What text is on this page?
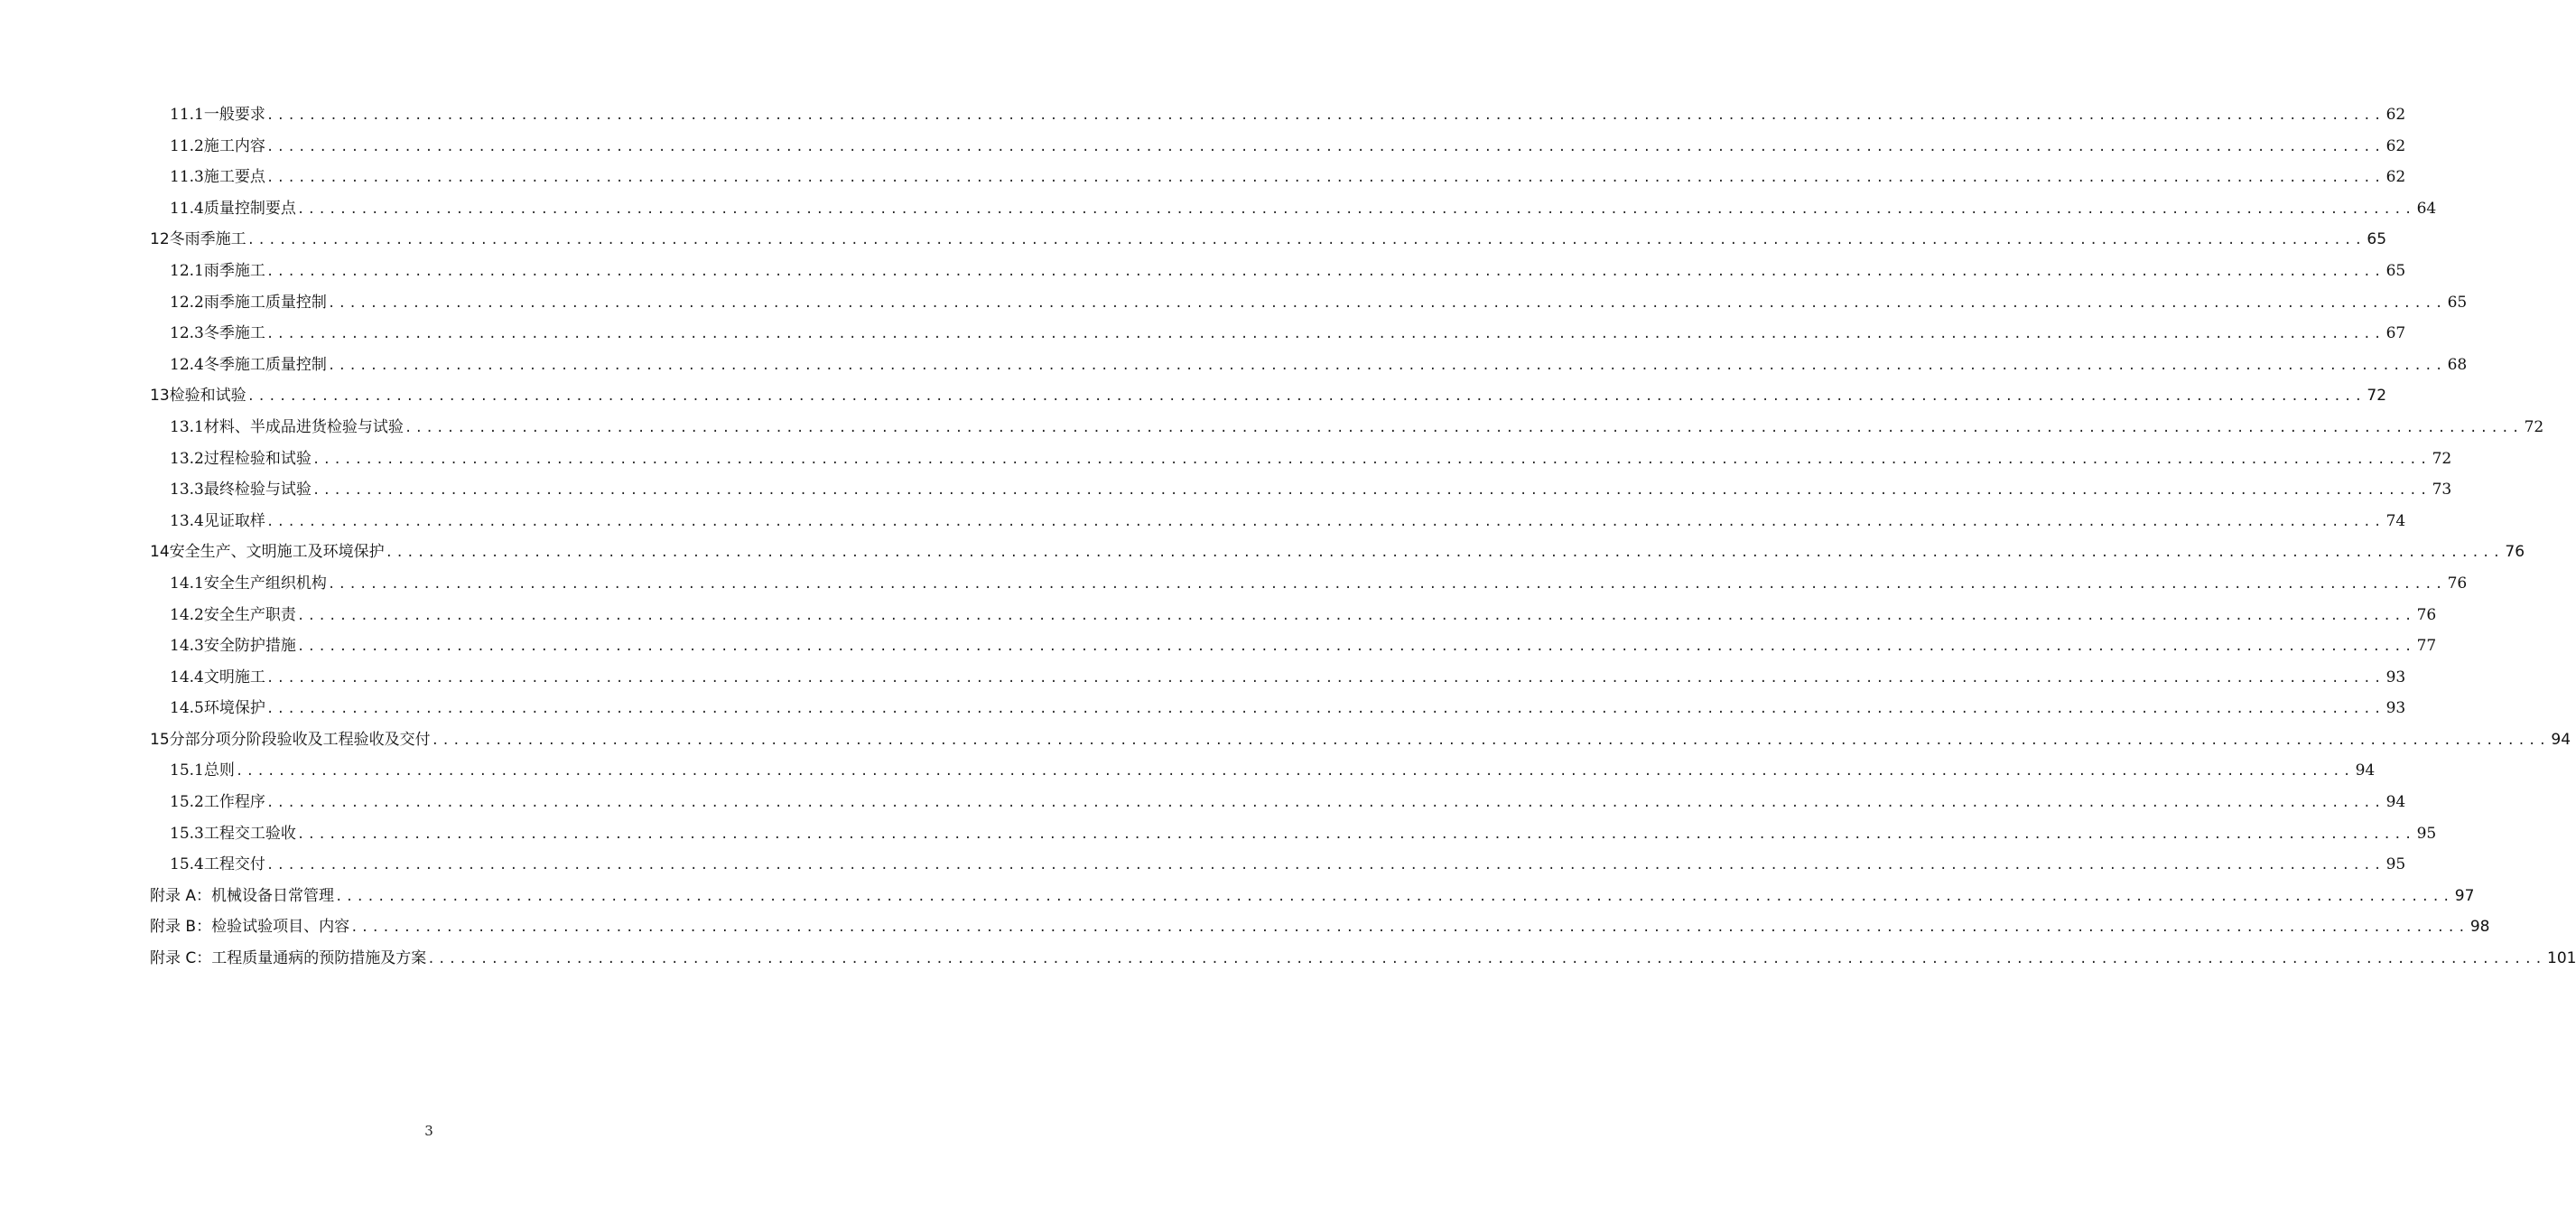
11.1 一般要求 ........................................................................................................................................................................................................ 62
11.2 施工内容 ........................................................................................................................................................................................................ 62
11.3 施工要点 ........................................................................................................................................................................................................ 62
11.4 质量控制要点 ........................................................................................................................................................................................................ 64
12 冬雨季施工 ........................................................................................................................................................................................................ 65
12.1 雨季施工 ........................................................................................................................................................................................................ 65
12.2 雨季施工质量控制 ........................................................................................................................................................................................................ 65
12.3 冬季施工 ........................................................................................................................................................................................................ 67
12.4 冬季施工质量控制 ........................................................................................................................................................................................................ 68
13 检验和试验 ........................................................................................................................................................................................................ 72
13.1 材料、半成品进货检验与试验 ........................................................................................................................................................................................................ 72
13.2 过程检验和试验 ........................................................................................................................................................................................................ 72
13.3 最终检验与试验 ........................................................................................................................................................................................................ 73
13.4 见证取样 ........................................................................................................................................................................................................ 74
14 安全生产、文明施工及环境保护 ........................................................................................................................................................................................................ 76
14.1 安全生产组织机构 ........................................................................................................................................................................................................ 76
14.2 安全生产职责 ........................................................................................................................................................................................................ 76
14.3 安全防护措施 ........................................................................................................................................................................................................ 77
14.4 文明施工 ........................................................................................................................................................................................................ 93
14.5 环境保护 ........................................................................................................................................................................................................ 93
15 分部分项分阶段验收及工程验收及交付 ........................................................................................................................................................................................................ 94
15.1 总则 ........................................................................................................................................................................................................ 94
15.2 工作程序 ........................................................................................................................................................................................................ 94
15.3 工程交工验收 ........................................................................................................................................................................................................ 95
15.4 工程交付 ........................................................................................................................................................................................................ 95
附录 A：机械设备日常管理 ........................................................................................................................................................................................................ 97
附录 B：检验试验项目、内容 ........................................................................................................................................................................................................ 98
附录 C：工程质量通病的预防措施及方案 ........................................................................................................................................................................................................ 101
3
